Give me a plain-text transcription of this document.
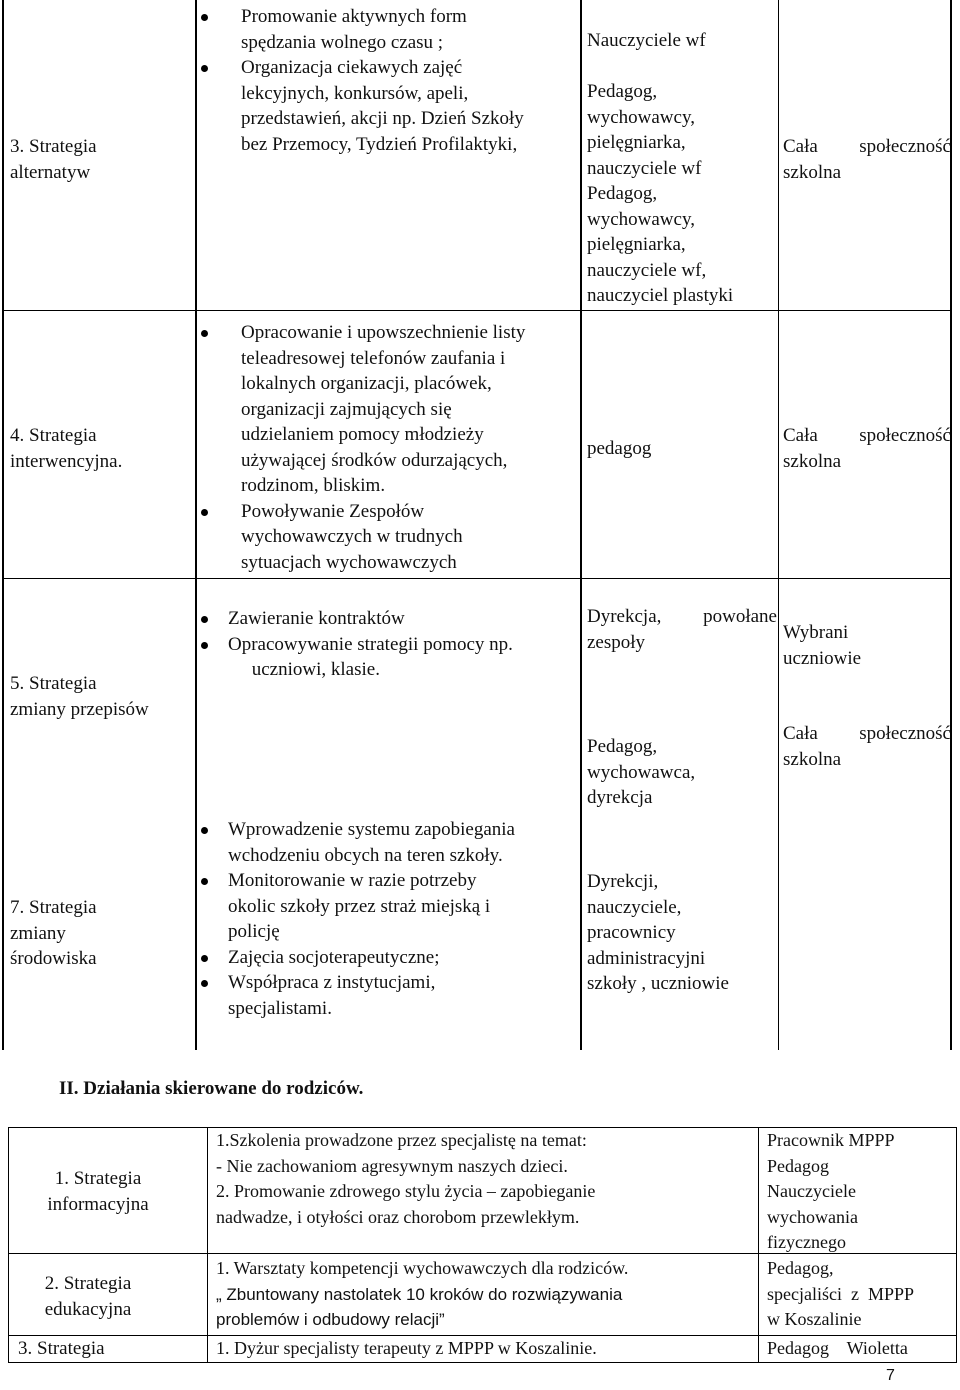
3. Strategia
alternatyw
Promowanie aktywnych form
spędzania wolnego czasu ;
Organizacja ciekawych zajęć
lekcyjnych, konkursów, apeli,
przedstawień, akcji np. Dzień Szkoły
bez Przemocy, Tydzień Profilaktyki,
Nauczyciele wf
Pedagog,
wychowawcy,
pielęgniarka,
nauczyciele wf
Pedagog,
wychowawcy,
pielęgniarka,
nauczyciele wf,
nauczyciel plastyki
Cała społeczność
szkolna
4. Strategia
interwencyjna.
Opracowanie i upowszechnienie listy
teleadresowej telefonów zaufania i
lokalnych organizacji, placówek,
organizacji zajmujących się
udzielaniem pomocy młodzieży
używającej środków odurzających,
rodzinom, bliskim.
Powoływanie Zespołów
wychowawczych w trudnych
sytuacjach wychowawczych
pedagog
Cała społeczność
szkolna
5. Strategia
zmiany przepisów
Zawieranie kontraktów
Opracowywanie strategii pomocy np.
uczniowi, klasie.
Dyrekcja, powołane
zespoły
Pedagog,
wychowawca,
dyrekcja
Wybrani
uczniowie
Cała społeczność
szkolna
7. Strategia
zmiany
środowiska
Wprowadzenie systemu zapobiegania
wchodzeniu obcych na teren szkoły.
Monitorowanie w razie potrzeby
okolic szkoły przez straż miejską i
policję
Zajęcia socjoterapeutyczne;
Współpraca z instytucjami,
specjalistami.
Dyrekcji,
nauczyciele,
pracownicy
administracyjni
szkoły , uczniowie
II. Działania skierowane do rodziców.
1. Strategia
informacyjna
1.Szkolenia prowadzone przez specjalistę na temat:
- Nie zachowaniom agresywnym naszych dzieci.
2. Promowanie zdrowego stylu życia – zapobieganie
nadwadze, i otyłości oraz chorobom przewlekłym.
Pracownik MPPP
Pedagog
Nauczyciele
wychowania
fizycznego
2. Strategia
edukacyjna
1. Warsztaty kompetencji wychowawczych dla rodziców.
„ Zbuntowany nastolatek 10 kroków do rozwiązywania
problemów i odbudowy relacji”
Pedagog,
specjaliści  z  MPPP
w Koszalinie
3. Strategia	1. Dyżur specjalisty terapeuty z MPPP w Koszalinie.	Pedagog    Wioletta
7
